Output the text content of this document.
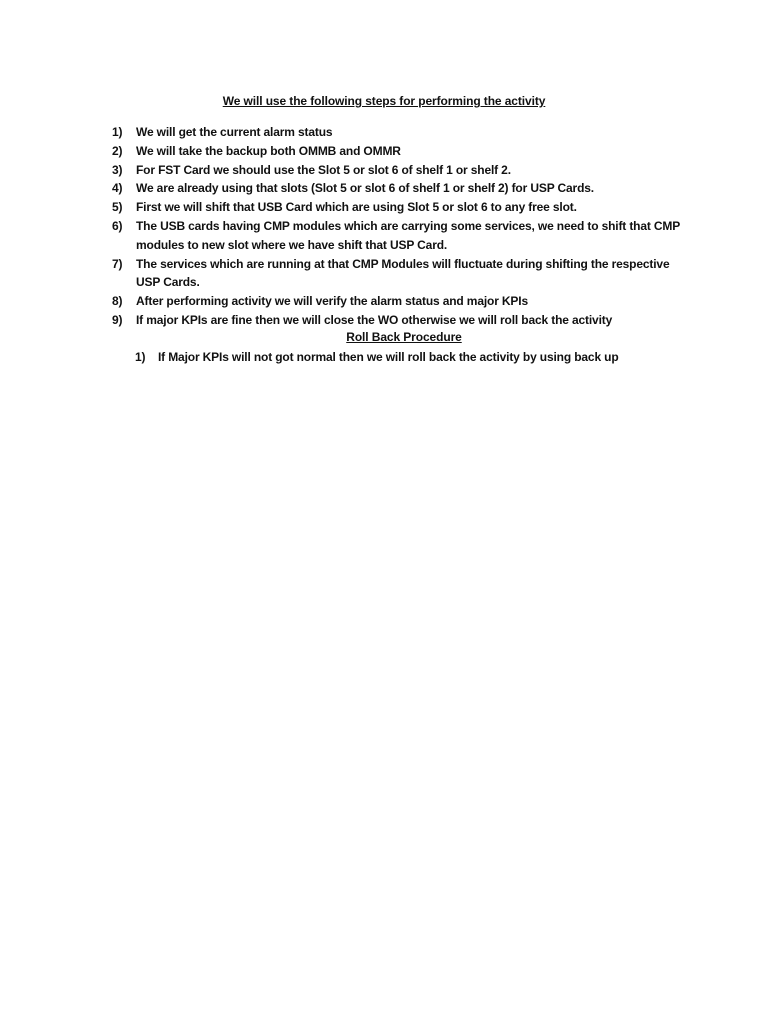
We will use the following steps for performing the activity
1) We will get the current alarm status
2) We will take the backup both OMMB and OMMR
3) For FST Card we should use the Slot 5 or slot 6 of shelf 1 or shelf 2.
4) We are already using that slots (Slot 5 or slot 6 of shelf 1 or shelf 2) for USP Cards.
5) First we will shift that USB Card which are using Slot 5 or slot 6 to any free slot.
6) The USB cards having CMP modules which are carrying some services, we need to shift that CMP modules to new slot where we have shift that USP Card.
7) The services which are running at that CMP Modules will fluctuate during shifting the respective USP Cards.
8) After performing activity we will verify the alarm status and major KPIs
9) If major KPIs are fine then we will close the WO otherwise we will roll back the activity
Roll Back Procedure
1) If Major KPIs will not got normal then we will roll back the activity by using back up
